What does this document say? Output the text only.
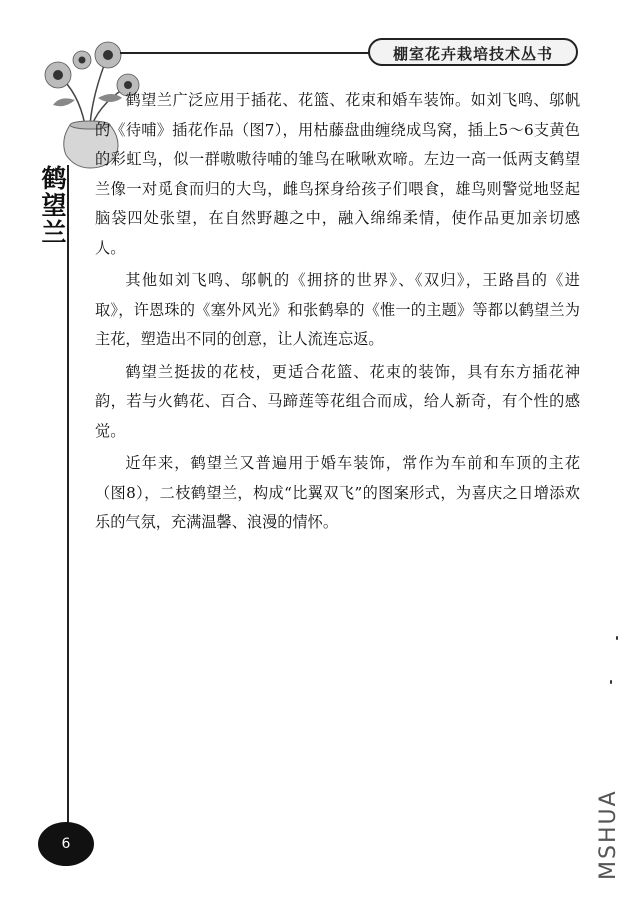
棚室花卉栽培技术丛书
鹤望兰

鹤望兰广泛应用于插花、花篮、花束和婚车装饰。如刘飞鸣、邬帆的《待哺》插花作品（图7），用枯藤盘曲缠绕成鸟窝，插上5～6支黄色的彩虹鸟，似一群嗷嗷待哺的雏鸟在啾啾欢啼。左边一高一低两支鹤望兰像一对觅食而归的大鸟，雌鸟探身给孩子们喂食，雄鸟则警觉地竖起脑袋四处张望，在自然野趣之中，融入绵绵柔情，使作品更加亲切感人。

其他如刘飞鸣、邬帆的《拥挤的世界》、《双归》，王路昌的《进取》，许恩珠的《塞外风光》和张鹤皋的《惟一的主题》等都以鹤望兰为主花，塑造出不同的创意，让人流连忘返。

鹤望兰挺拔的花枝，更适合花篮、花束的装饰，具有东方插花神韵，若与火鹤花、百合、马蹄莲等花组合而成，给人新奇，有个性的感觉。

近年来，鹤望兰又普遍用于婚车装饰，常作为车前和车顶的主花（图8），二枝鹤望兰，构成“比翼双飞”的图案形式，为喜庆之日增添欢乐的气氛，充满温馨、浪漫的情怀。

6	MSHUA
